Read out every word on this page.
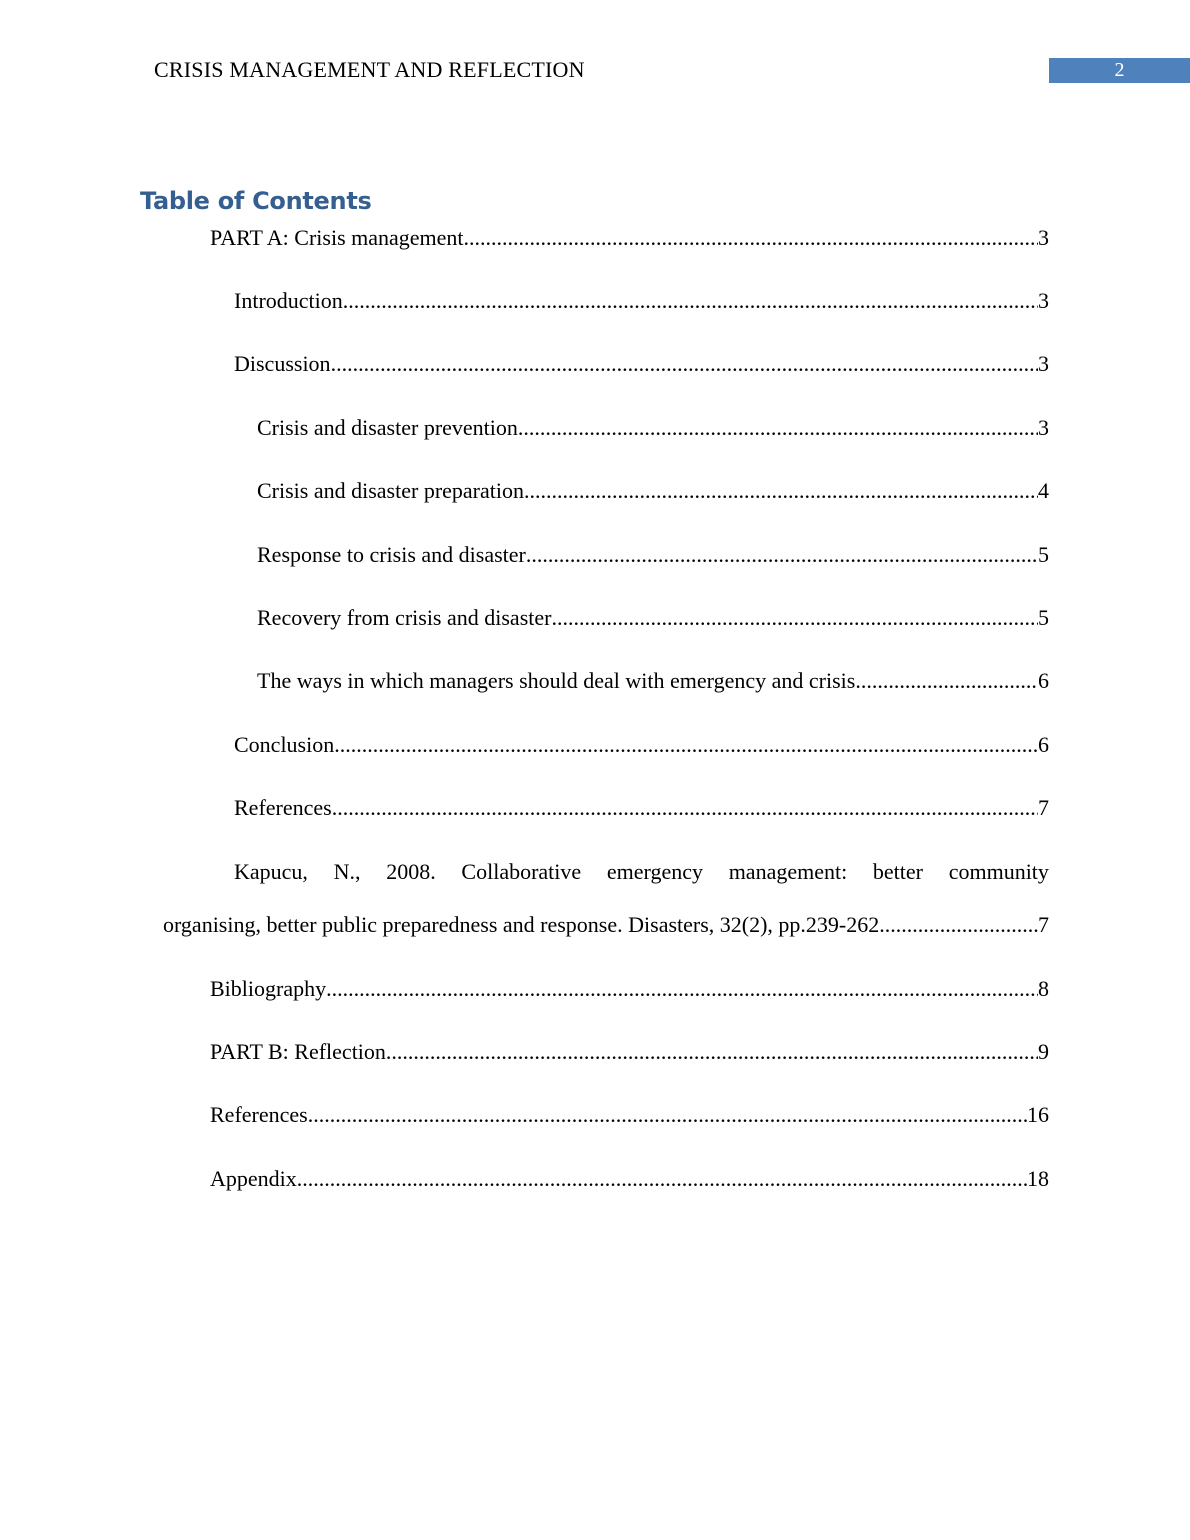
CRISIS MANAGEMENT AND REFLECTION	2
Table of Contents
PART A: Crisis management .....	3
Introduction .....	3
Discussion .....	3
Crisis and disaster prevention .....	3
Crisis and disaster preparation .....	4
Response to crisis and disaster .....	5
Recovery from crisis and disaster .....	5
The ways in which managers should deal with emergency and crisis .....	6
Conclusion .....	6
References .....	7
Kapucu, N., 2008. Collaborative emergency management: better community
organising, better public preparedness and response. Disasters, 32(2), pp.239-262 .....	7
Bibliography .....	8
PART B: Reflection .....	9
References .....	16
Appendix .....	18
